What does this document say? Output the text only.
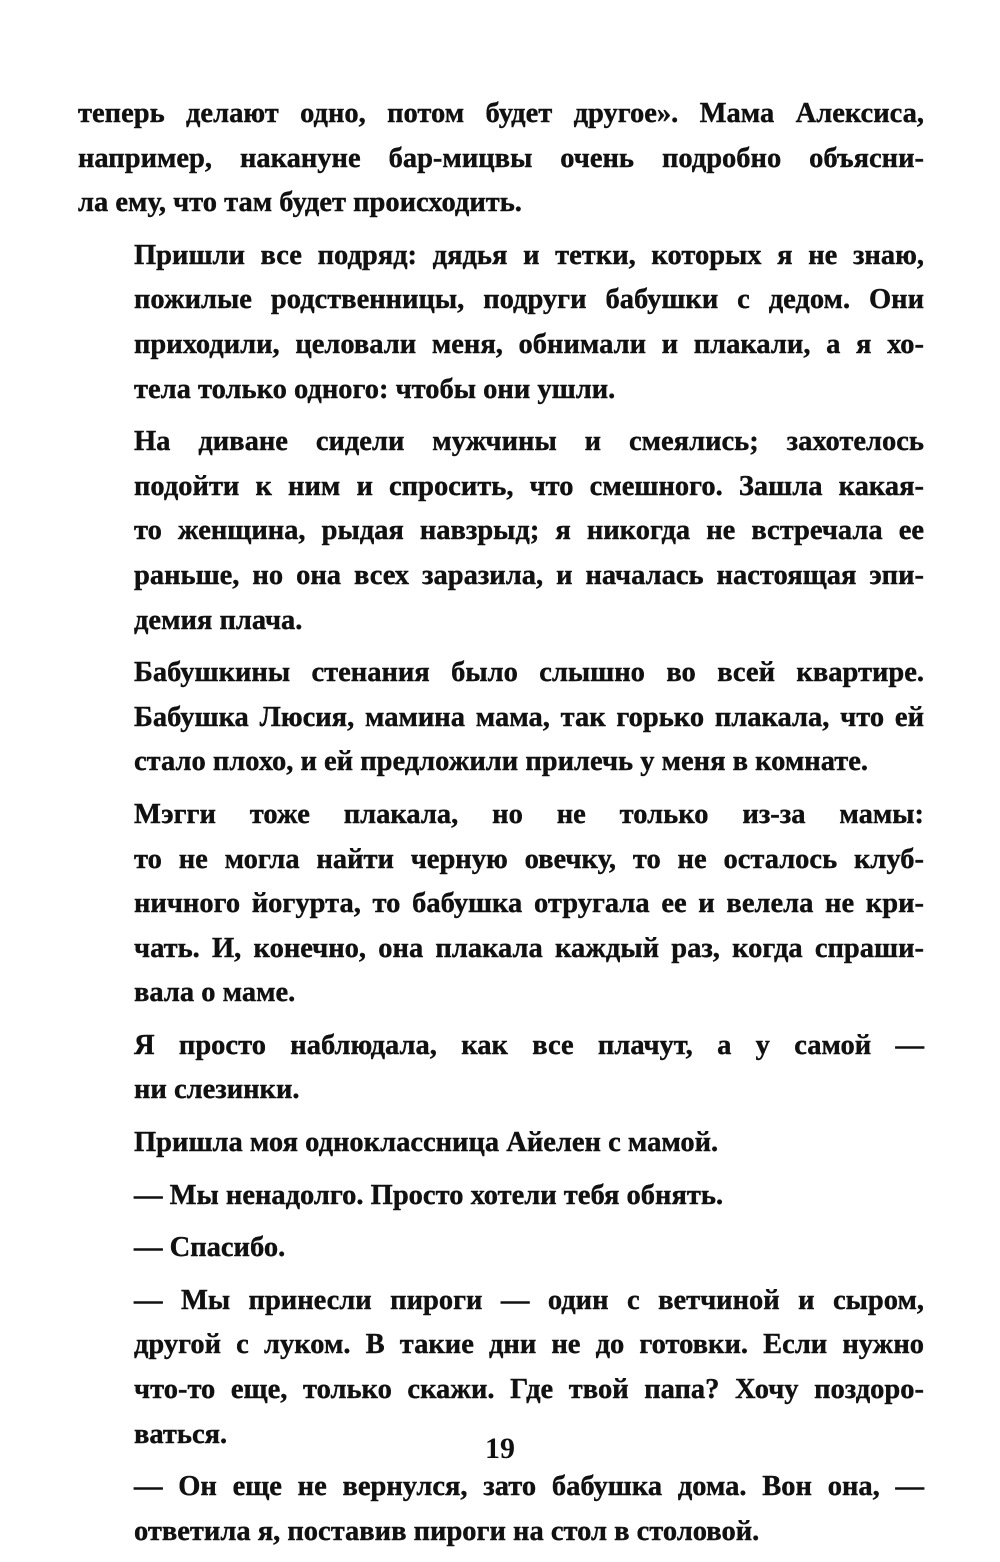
теперь делают одно, потом будет другое». Мама Алексиса,
например, накануне бар-мицвы очень подробно объясни-
ла ему, что там будет происходить.
Пришли все подряд: дядья и тетки, которых я не знаю,
пожилые родственницы, подруги бабушки с дедом. Они
приходили, целовали меня, обнимали и плакали, а я хо-
тела только одного: чтобы они ушли.
На диване сидели мужчины и смеялись; захотелось
подойти к ним и спросить, что смешного. Зашла какая-
то женщина, рыдая навзрыд; я никогда не встречала ее
раньше, но она всех заразила, и началась настоящая эпи-
демия плача.
Бабушкины стенания было слышно во всей квартире.
Бабушка Люсия, мамина мама, так горько плакала, что ей
стало плохо, и ей предложили прилечь у меня в комнате.
Мэгги тоже плакала, но не только из-за мамы:
то не могла найти черную овечку, то не осталось клуб-
ничного йогурта, то бабушка отругала ее и велела не кри-
чать. И, конечно, она плакала каждый раз, когда спраши-
вала о маме.
Я просто наблюдала, как все плачут, а у самой —
ни слезинки.
Пришла моя одноклассница Айелен с мамой.
— Мы ненадолго. Просто хотели тебя обнять.
— Спасибо.
— Мы принесли пироги — один с ветчиной и сыром,
другой с луком. В такие дни не до готовки. Если нужно
что-то еще, только скажи. Где твой папа? Хочу поздоро-
ваться.
— Он еще не вернулся, зато бабушка дома. Вон она, —
ответила я, поставив пироги на стол в столовой.
19
